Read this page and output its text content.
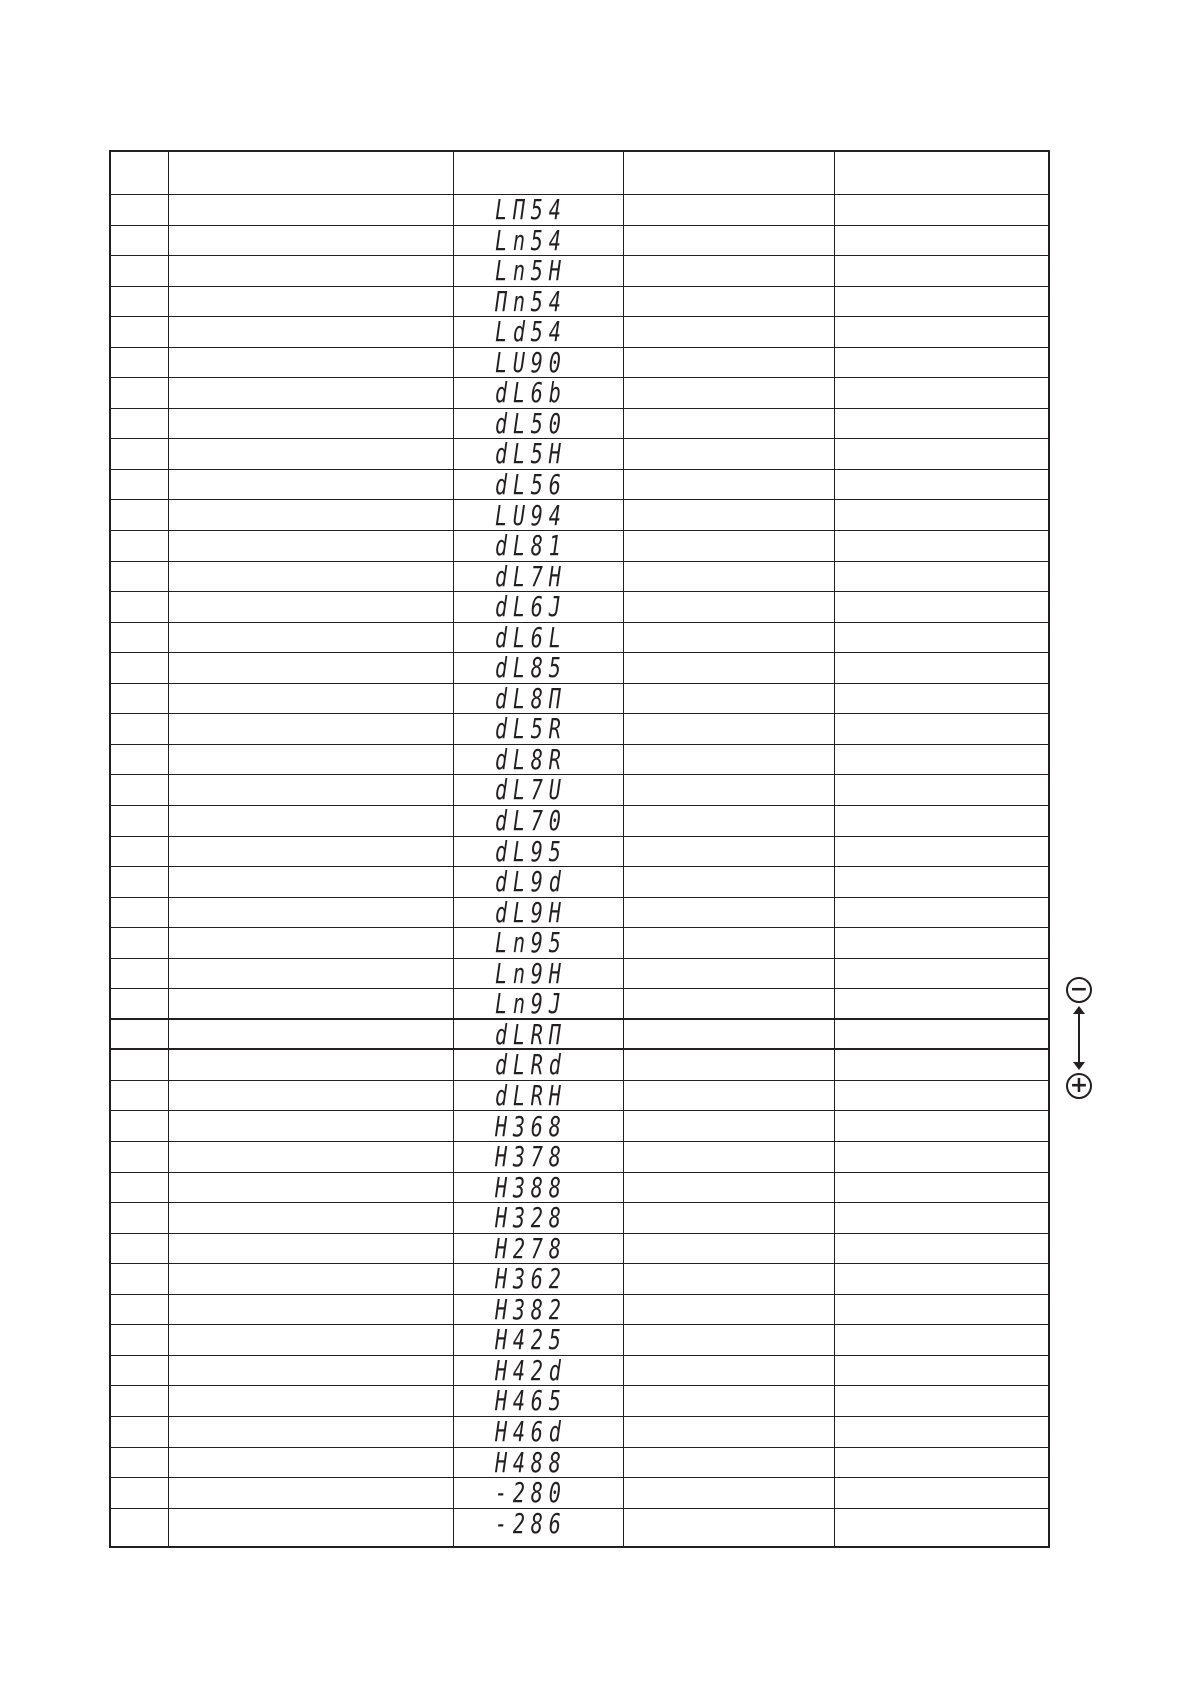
LΠ54
Ln54
Ln5H
Πn54
Ld54
LU90
dL6b
dL50
dL5H
dL56
LU94
dL81
dL7H
dL6J
dL6L
dL85
dL8Π
dL5R
dL8R
dL7U
dL70
dL95
dL9d
dL9H
Ln95
Ln9H
Ln9J
dLRΠ
dLRd
dLRH
H368
H378
H388
H328
H278
H362
H382
H425
H42d
H465
H46d
H488
-280
-286
−
+
